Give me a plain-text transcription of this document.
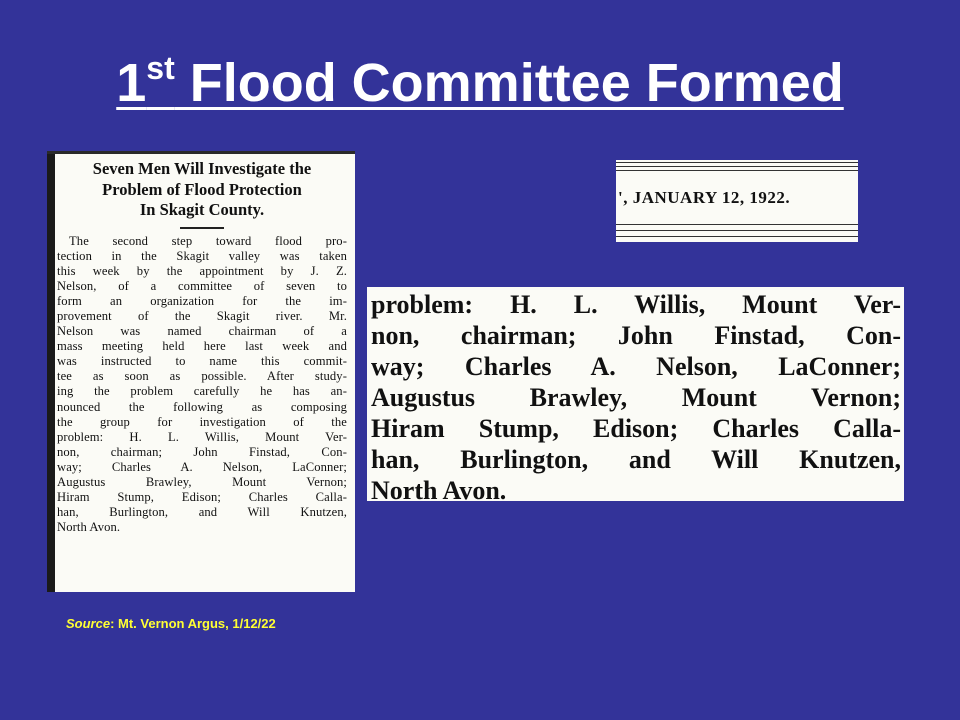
1st Flood Committee Formed
Seven Men Will Investigate the
Problem of Flood Protection
In Skagit County.
The second step toward flood pro-
tection in the Skagit valley was taken
this week by the appointment by J. Z.
Nelson, of a committee of seven to
form an organization for the im-
provement of the Skagit river. Mr.
Nelson was named chairman of a
mass meeting held here last week and
was instructed to name this commit-
tee as soon as possible. After study-
ing the problem carefully he has an-
nounced the following as composing
the group for investigation of the
problem: H. L. Willis, Mount Ver-
non, chairman; John Finstad, Con-
way; Charles A. Nelson, LaConner;
Augustus Brawley, Mount Vernon;
Hiram Stump, Edison; Charles Calla-
han, Burlington, and Will Knutzen,
North Avon.
', JANUARY 12, 1922.
problem: H. L. Willis, Mount Ver-
non, chairman; John Finstad, Con-
way; Charles A. Nelson, LaConner;
Augustus Brawley, Mount Vernon;
Hiram Stump, Edison; Charles Calla-
han, Burlington, and Will Knutzen,
North Avon.
Source: Mt. Vernon Argus, 1/12/22
